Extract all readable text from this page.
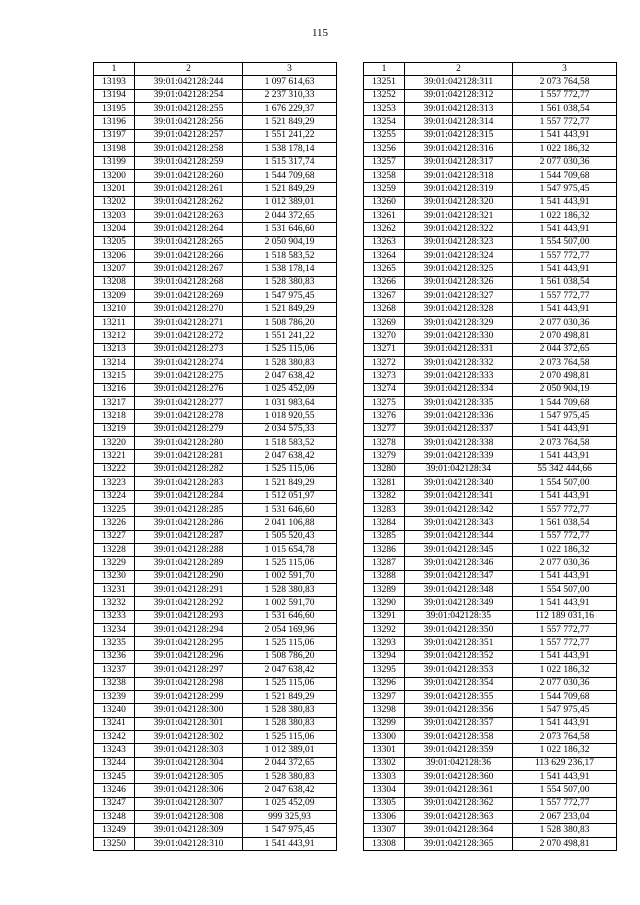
115
1	2	3
13193	39:01:042128:244	1 097 614,63
13194	39:01:042128:254	2 237 310,33
13195	39:01:042128:255	1 676 229,37
13196	39:01:042128:256	1 521 849,29
13197	39:01:042128:257	1 551 241,22
13198	39:01:042128:258	1 538 178,14
13199	39:01:042128:259	1 515 317,74
13200	39:01:042128:260	1 544 709,68
13201	39:01:042128:261	1 521 849,29
13202	39:01:042128:262	1 012 389,01
13203	39:01:042128:263	2 044 372,65
13204	39:01:042128:264	1 531 646,60
13205	39:01:042128:265	2 050 904,19
13206	39:01:042128:266	1 518 583,52
13207	39:01:042128:267	1 538 178,14
13208	39:01:042128:268	1 528 380,83
13209	39:01:042128:269	1 547 975,45
13210	39:01:042128:270	1 521 849,29
13211	39:01:042128:271	1 508 786,20
13212	39:01:042128:272	1 551 241,22
13213	39:01:042128:273	1 525 115,06
13214	39:01:042128:274	1 528 380,83
13215	39:01:042128:275	2 047 638,42
13216	39:01:042128:276	1 025 452,09
13217	39:01:042128:277	1 031 983,64
13218	39:01:042128:278	1 018 920,55
13219	39:01:042128:279	2 034 575,33
13220	39:01:042128:280	1 518 583,52
13221	39:01:042128:281	2 047 638,42
13222	39:01:042128:282	1 525 115,06
13223	39:01:042128:283	1 521 849,29
13224	39:01:042128:284	1 512 051,97
13225	39:01:042128:285	1 531 646,60
13226	39:01:042128:286	2 041 106,88
13227	39:01:042128:287	1 505 520,43
13228	39:01:042128:288	1 015 654,78
13229	39:01:042128:289	1 525 115,06
13230	39:01:042128:290	1 002 591,70
13231	39:01:042128:291	1 528 380,83
13232	39:01:042128:292	1 002 591,70
13233	39:01:042128:293	1 531 646,60
13234	39:01:042128:294	2 054 169,96
13235	39:01:042128:295	1 525 115,06
13236	39:01:042128:296	1 508 786,20
13237	39:01:042128:297	2 047 638,42
13238	39:01:042128:298	1 525 115,06
13239	39:01:042128:299	1 521 849,29
13240	39:01:042128:300	1 528 380,83
13241	39:01:042128:301	1 528 380,83
13242	39:01:042128:302	1 525 115,06
13243	39:01:042128:303	1 012 389,01
13244	39:01:042128:304	2 044 372,65
13245	39:01:042128:305	1 528 380,83
13246	39:01:042128:306	2 047 638,42
13247	39:01:042128:307	1 025 452,09
13248	39:01:042128:308	999 325,93
13249	39:01:042128:309	1 547 975,45
13250	39:01:042128:310	1 541 443,91
1	2	3
13251	39:01:042128:311	2 073 764,58
13252	39:01:042128:312	1 557 772,77
13253	39:01:042128:313	1 561 038,54
13254	39:01:042128:314	1 557 772,77
13255	39:01:042128:315	1 541 443,91
13256	39:01:042128:316	1 022 186,32
13257	39:01:042128:317	2 077 030,36
13258	39:01:042128:318	1 544 709,68
13259	39:01:042128:319	1 547 975,45
13260	39:01:042128:320	1 541 443,91
13261	39:01:042128:321	1 022 186,32
13262	39:01:042128:322	1 541 443,91
13263	39:01:042128:323	1 554 507,00
13264	39:01:042128:324	1 557 772,77
13265	39:01:042128:325	1 541 443,91
13266	39:01:042128:326	1 561 038,54
13267	39:01:042128:327	1 557 772,77
13268	39:01:042128:328	1 541 443,91
13269	39:01:042128:329	2 077 030,36
13270	39:01:042128:330	2 070 498,81
13271	39:01:042128:331	2 044 372,65
13272	39:01:042128:332	2 073 764,58
13273	39:01:042128:333	2 070 498,81
13274	39:01:042128:334	2 050 904,19
13275	39:01:042128:335	1 544 709,68
13276	39:01:042128:336	1 547 975,45
13277	39:01:042128:337	1 541 443,91
13278	39:01:042128:338	2 073 764,58
13279	39:01:042128:339	1 541 443,91
13280	39:01:042128:34	55 342 444,66
13281	39:01:042128:340	1 554 507,00
13282	39:01:042128:341	1 541 443,91
13283	39:01:042128:342	1 557 772,77
13284	39:01:042128:343	1 561 038,54
13285	39:01:042128:344	1 557 772,77
13286	39:01:042128:345	1 022 186,32
13287	39:01:042128:346	2 077 030,36
13288	39:01:042128:347	1 541 443,91
13289	39:01:042128:348	1 554 507,00
13290	39:01:042128:349	1 541 443,91
13291	39:01:042128:35	112 189 031,16
13292	39:01:042128:350	1 557 772,77
13293	39:01:042128:351	1 557 772,77
13294	39:01:042128:352	1 541 443,91
13295	39:01:042128:353	1 022 186,32
13296	39:01:042128:354	2 077 030,36
13297	39:01:042128:355	1 544 709,68
13298	39:01:042128:356	1 547 975,45
13299	39:01:042128:357	1 541 443,91
13300	39:01:042128:358	2 073 764,58
13301	39:01:042128:359	1 022 186,32
13302	39:01:042128:36	113 629 236,17
13303	39:01:042128:360	1 541 443,91
13304	39:01:042128:361	1 554 507,00
13305	39:01:042128:362	1 557 772,77
13306	39:01:042128:363	2 067 233,04
13307	39:01:042128:364	1 528 380,83
13308	39:01:042128:365	2 070 498,81
